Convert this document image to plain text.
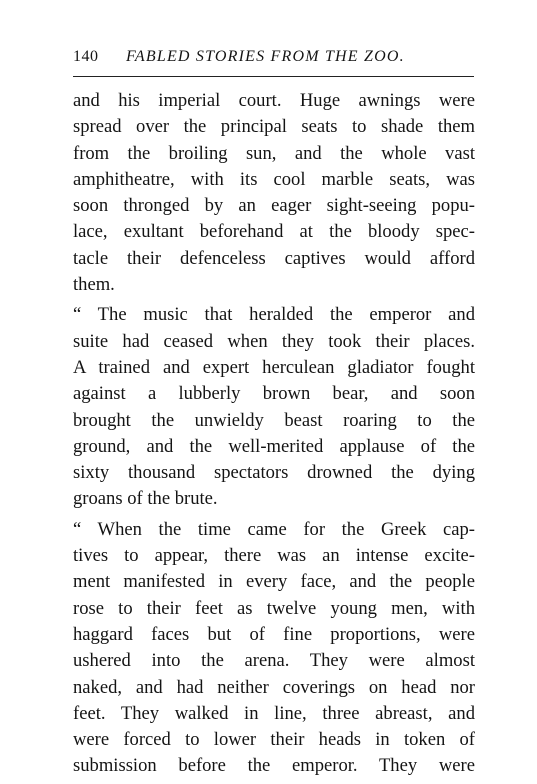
140 FABLED STORIES FROM THE ZOO.
and his imperial court. Huge awnings were
spread over the principal seats to shade them
from the broiling sun, and the whole vast
amphitheatre, with its cool marble seats, was
soon thronged by an eager sight-seeing popu-
lace, exultant beforehand at the bloody spec-
tacle their defenceless captives would afford
them.
“ The music that heralded the emperor and
suite had ceased when they took their places.
A trained and expert herculean gladiator fought
against a lubberly brown bear, and soon
brought the unwieldy beast roaring to the
ground, and the well-merited applause of the
sixty thousand spectators drowned the dying
groans of the brute.
“ When the time came for the Greek cap-
tives to appear, there was an intense excite-
ment manifested in every face, and the people
rose to their feet as twelve young men, with
haggard faces but of fine proportions, were
ushered into the arena. They were almost
naked, and had neither coverings on head nor
feet. They walked in line, three abreast, and
were forced to lower their heads in token of
submission before the emperor. They were
